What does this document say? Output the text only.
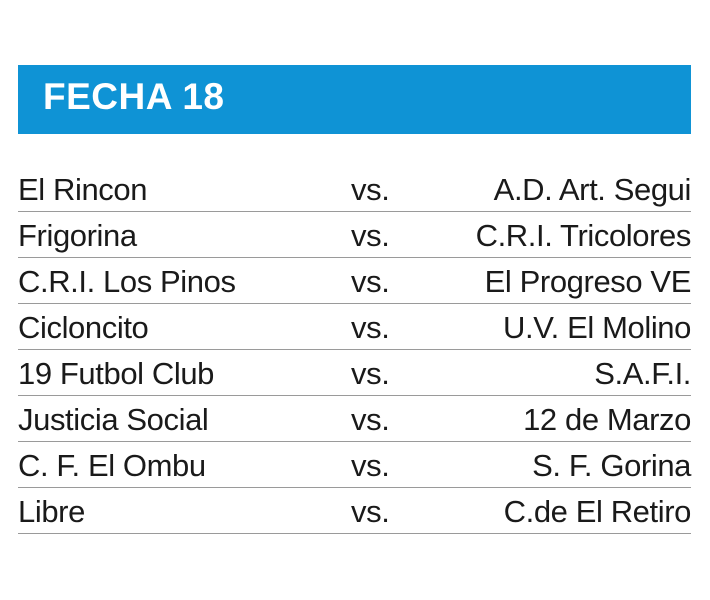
FECHA 18
El Rincon	vs.	A.D. Art. Segui
Frigorina	vs.	C.R.I. Tricolores
C.R.I. Los Pinos	vs.	El Progreso VE
Cicloncito	vs.	U.V. El Molino
19 Futbol Club	vs.	S.A.F.I.
Justicia Social	vs.	12 de Marzo
C. F. El Ombu	vs.	S. F. Gorina
Libre	vs.	C.de El Retiro
